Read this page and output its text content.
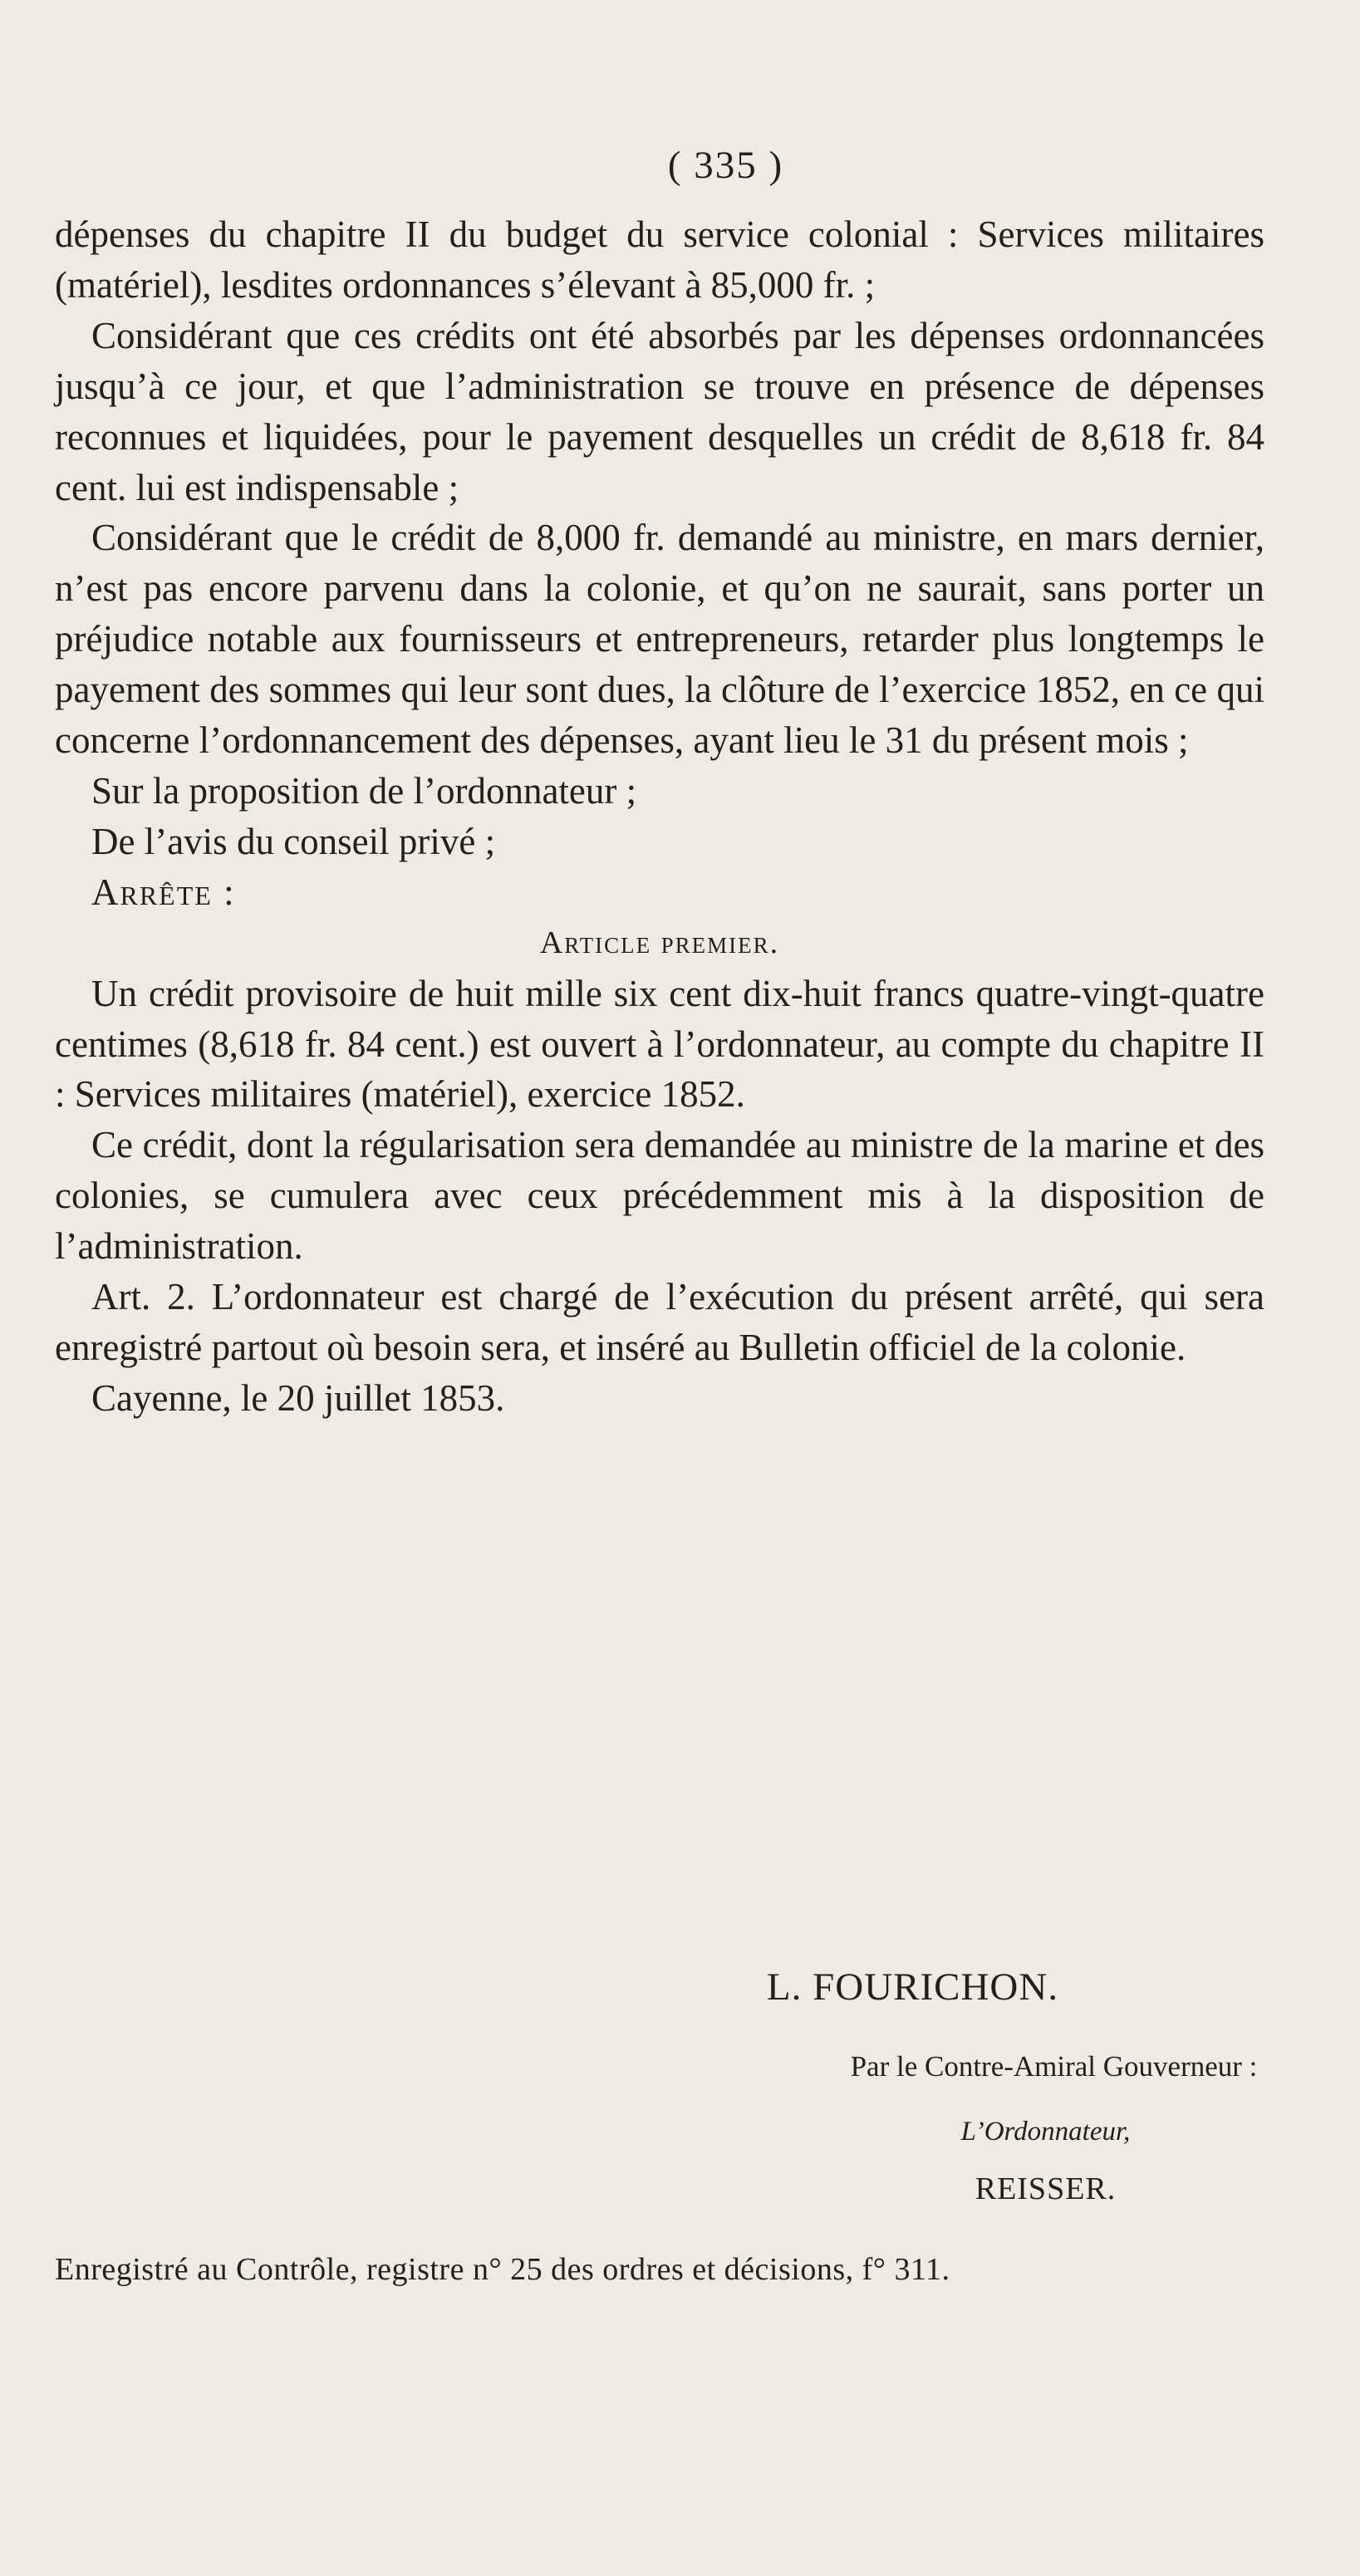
( 335 )

dépenses du chapitre II du budget du service colonial : Services militaires (matériel), lesdites ordonnances s’élevant à 85,000 fr. ;

Considérant que ces crédits ont été absorbés par les dépenses ordonnancées jusqu’à ce jour, et que l’administration se trouve en présence de dépenses reconnues et liquidées, pour le payement desquelles un crédit de 8,618 fr. 84 cent. lui est indispensable ;

Considérant que le crédit de 8,000 fr. demandé au ministre, en mars dernier, n’est pas encore parvenu dans la colonie, et qu’on ne saurait, sans porter un préjudice notable aux fournisseurs et entrepreneurs, retarder plus longtemps le payement des sommes qui leur sont dues, la clôture de l’exercice 1852, en ce qui concerne l’ordonnancement des dépenses, ayant lieu le 31 du présent mois ;

Sur la proposition de l’ordonnateur ;

De l’avis du conseil privé ;

Arrête :

Article premier.

Un crédit provisoire de huit mille six cent dix-huit francs quatre-vingt-quatre centimes (8,618 fr. 84 cent.) est ouvert à l’ordonnateur, au compte du chapitre II : Services militaires (matériel), exercice 1852.

Ce crédit, dont la régularisation sera demandée au ministre de la marine et des colonies, se cumulera avec ceux précédemment mis à la disposition de l’administration.

Art. 2. L’ordonnateur est chargé de l’exécution du présent arrêté, qui sera enregistré partout où besoin sera, et inséré au Bulletin officiel de la colonie.

Cayenne, le 20 juillet 1853.

L. FOURICHON.
Par le Contre-Amiral Gouverneur :
L’Ordonnateur,
REISSER.
Enregistré au Contrôle, registre n° 25 des ordres et décisions, f° 311.
